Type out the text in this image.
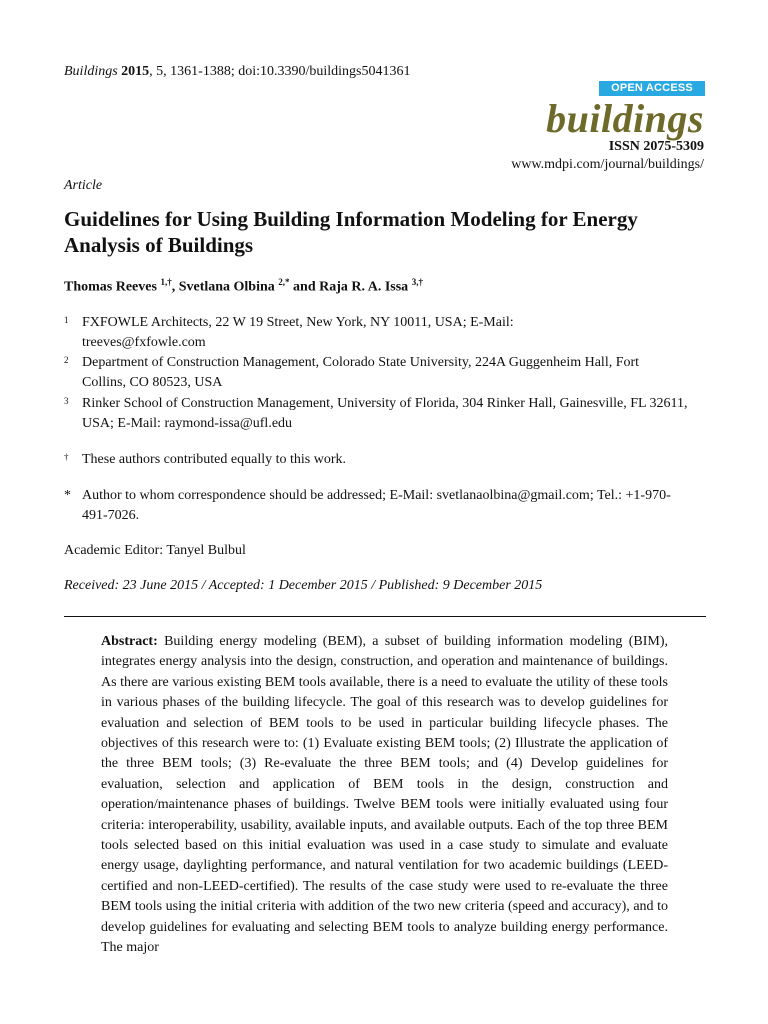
Buildings 2015, 5, 1361-1388; doi:10.3390/buildings5041361
OPEN ACCESS
buildings
ISSN 2075-5309
www.mdpi.com/journal/buildings/
Article
Guidelines for Using Building Information Modeling for Energy Analysis of Buildings
Thomas Reeves $^{1,\dagger}$, Svetlana Olbina $^{2,*}$ and Raja R. A. Issa $^{3,\dagger}$
1 FXFOWLE Architects, 22 W 19 Street, New York, NY 10011, USA; E-Mail: treeves@fxfowle.com
2 Department of Construction Management, Colorado State University, 224A Guggenheim Hall, Fort Collins, CO 80523, USA
3 Rinker School of Construction Management, University of Florida, 304 Rinker Hall, Gainesville, FL 32611, USA; E-Mail: raymond-issa@ufl.edu
† These authors contributed equally to this work.
* Author to whom correspondence should be addressed; E-Mail: svetlanaolbina@gmail.com; Tel.: +1-970-491-7026.
Academic Editor: Tanyel Bulbul
Received: 23 June 2015 / Accepted: 1 December 2015 / Published: 9 December 2015
Abstract: Building energy modeling (BEM), a subset of building information modeling (BIM), integrates energy analysis into the design, construction, and operation and maintenance of buildings. As there are various existing BEM tools available, there is a need to evaluate the utility of these tools in various phases of the building lifecycle. The goal of this research was to develop guidelines for evaluation and selection of BEM tools to be used in particular building lifecycle phases. The objectives of this research were to: (1) Evaluate existing BEM tools; (2) Illustrate the application of the three BEM tools; (3) Re-evaluate the three BEM tools; and (4) Develop guidelines for evaluation, selection and application of BEM tools in the design, construction and operation/maintenance phases of buildings. Twelve BEM tools were initially evaluated using four criteria: interoperability, usability, available inputs, and available outputs. Each of the top three BEM tools selected based on this initial evaluation was used in a case study to simulate and evaluate energy usage, daylighting performance, and natural ventilation for two academic buildings (LEED-certified and non-LEED-certified). The results of the case study were used to re-evaluate the three BEM tools using the initial criteria with addition of the two new criteria (speed and accuracy), and to develop guidelines for evaluating and selecting BEM tools to analyze building energy performance. The major
